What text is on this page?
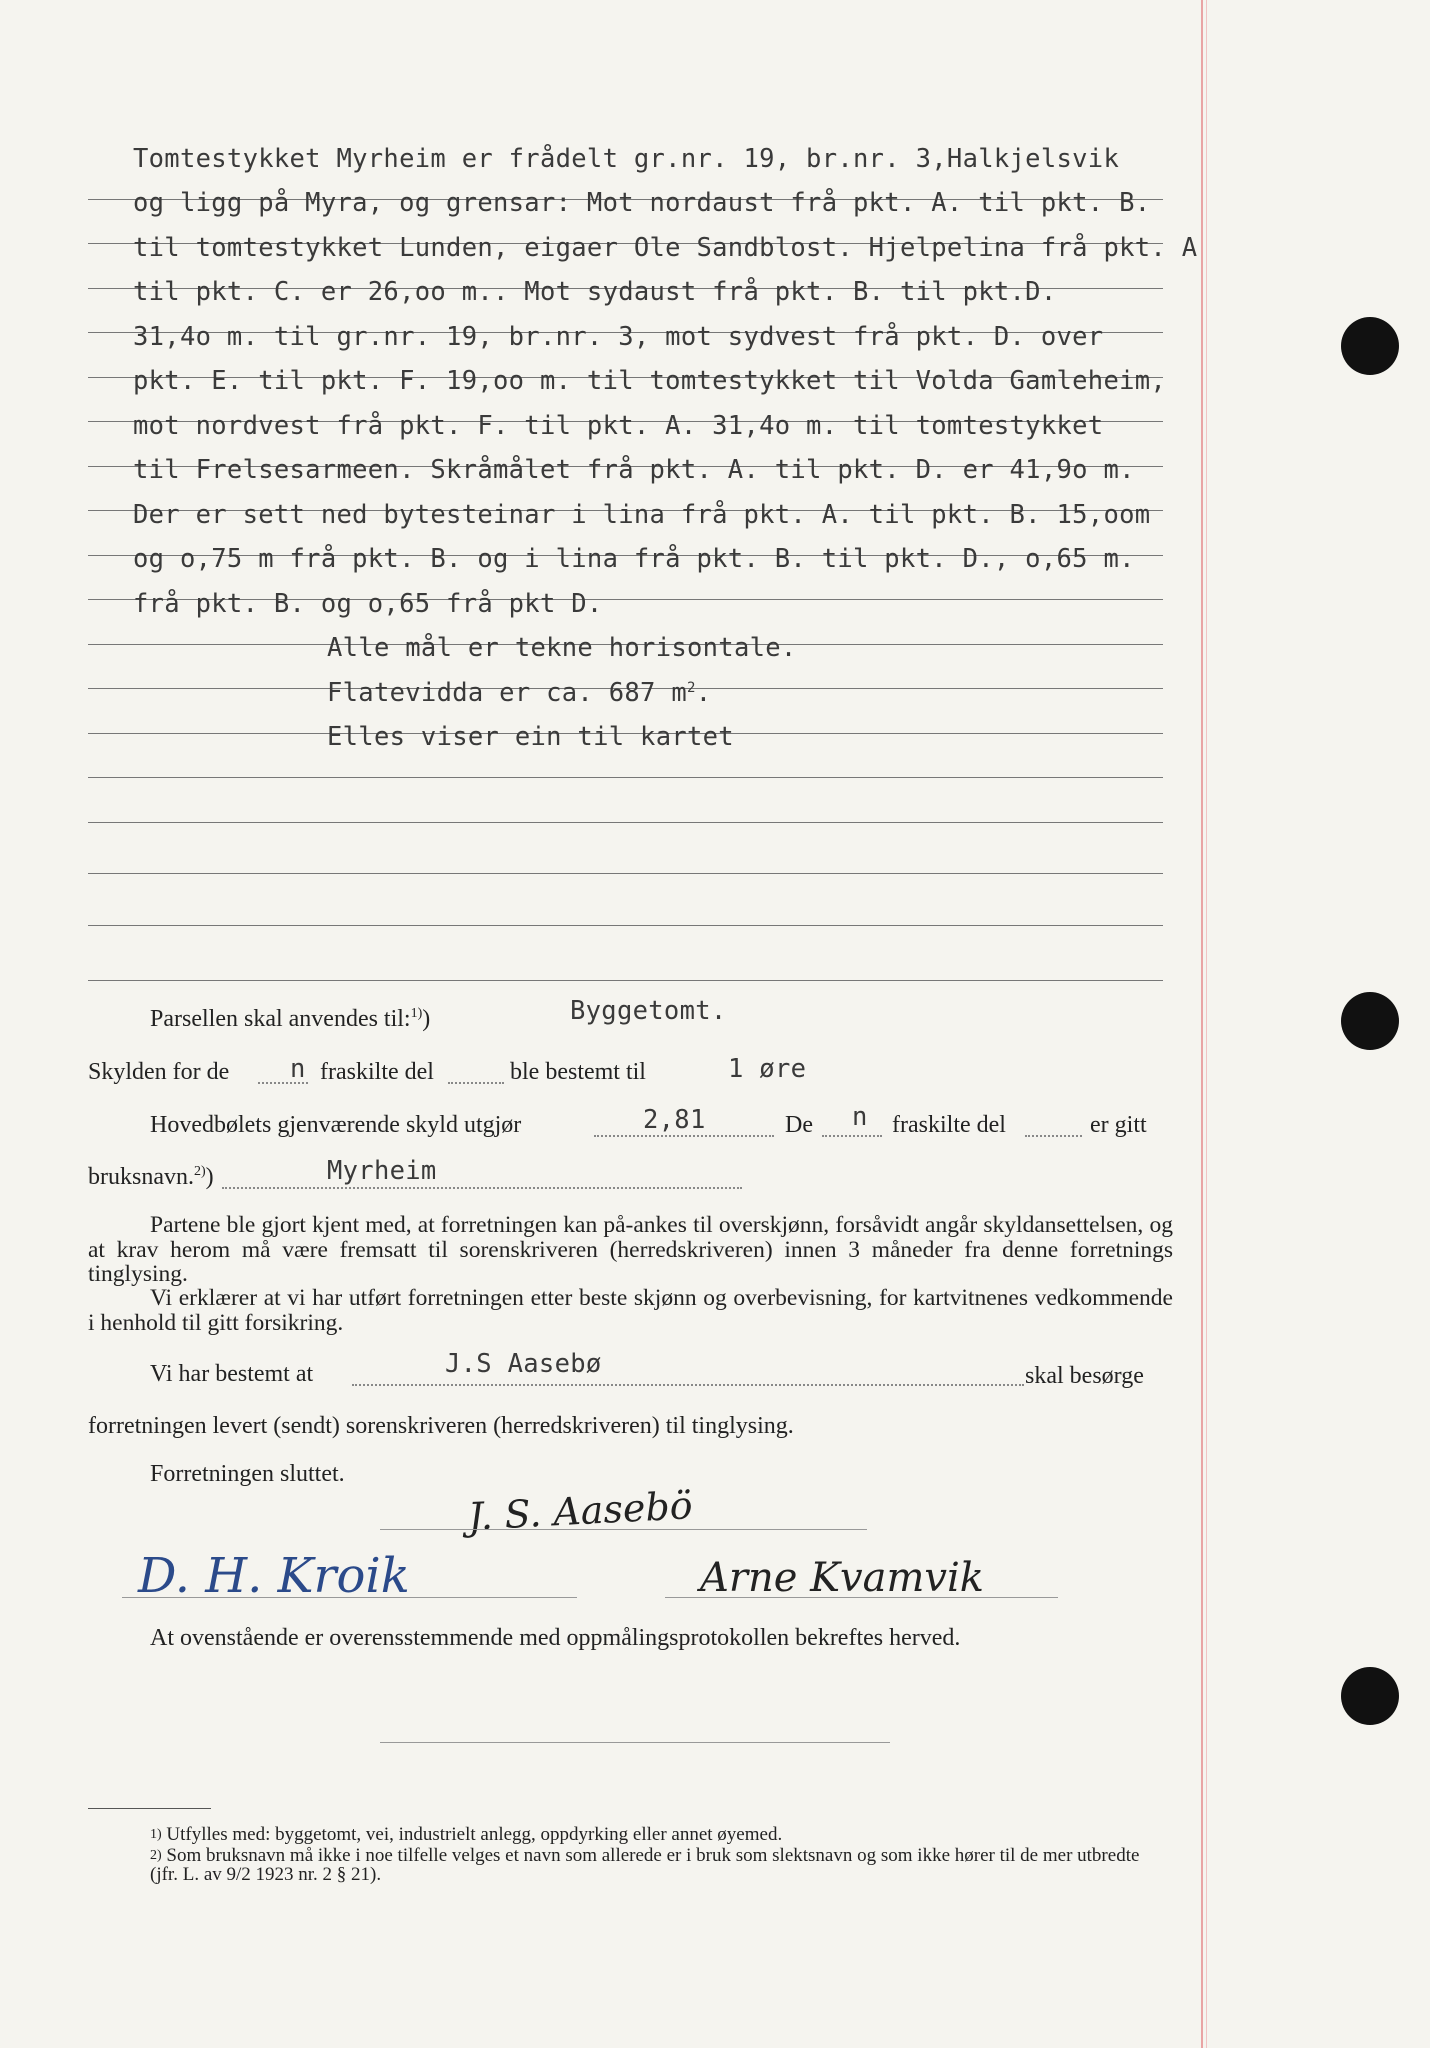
Tomtestykket Myrheim er frådelt gr.nr. 19, br.nr. 3,Halkjelsvik
og ligg på Myra, og grensar: Mot nordaust frå pkt. A. til pkt. B.
til tomtestykket Lunden, eigaer Ole Sandblost. Hjelpelina frå pkt. A
til pkt. C. er 26,oo m.. Mot sydaust frå pkt. B. til pkt.D.
31,4o m. til gr.nr. 19, br.nr. 3, mot sydvest frå pkt. D. over
pkt. E. til pkt. F. 19,oo m. til tomtestykket til Volda Gamleheim,
mot nordvest frå pkt. F. til pkt. A. 31,4o m. til tomtestykket
til Frelsesarmeen. Skråmålet frå pkt. A. til pkt. D. er 41,9o m.
Der er sett ned bytesteinar i lina frå pkt. A. til pkt. B. 15,oom
og o,75 m frå pkt. B. og i lina frå pkt. B. til pkt. D., o,65 m.
frå pkt. B. og o,65 frå pkt D.
Alle mål er tekne horisontale.
Flatevidda er ca. 687 $m^2$.
Elles viser ein til kartet
Parsellen skal anvendes til:$^{1)}$)	Byggetomt.
Skylden for de n fraskilte del	ble bestemt til	1 øre
Hovedbølets gjenværende skyld utgjør	2,81	De n fraskilte del	er gitt
bruksnavn.$^{2)}$)	Myrheim
Partene ble gjort kjent med, at forretningen kan på-ankes til overskjønn, forsåvidt angår skyldansettelsen, og at krav herom må være fremsatt til sorenskriveren (herredskriveren) innen 3 måneder fra denne forretnings tinglysing.
Vi erklærer at vi har utført forretningen etter beste skjønn og overbevisning, for kartvitnenes vedkommende i henhold til gitt forsikring.
Vi har bestemt at	J.S Aasebø	skal besørge
forretningen levert (sendt) sorenskriveren (herredskriveren) til tinglysing.
Forretningen sluttet.
J. S. Aasebö
D. H. Kroik	Arne Kvamvik
At ovenstående er overensstemmende med oppmålingsprotokollen bekreftes herved.
$^{1)}$ Utfylles med: byggetomt, vei, industrielt anlegg, oppdyrking eller annet øyemed.
$^{2)}$ Som bruksnavn må ikke i noe tilfelle velges et navn som allerede er i bruk som slektsnavn og som ikke hører til de mer utbredte (jfr. L. av 9/2 1923 nr. 2 § 21).
